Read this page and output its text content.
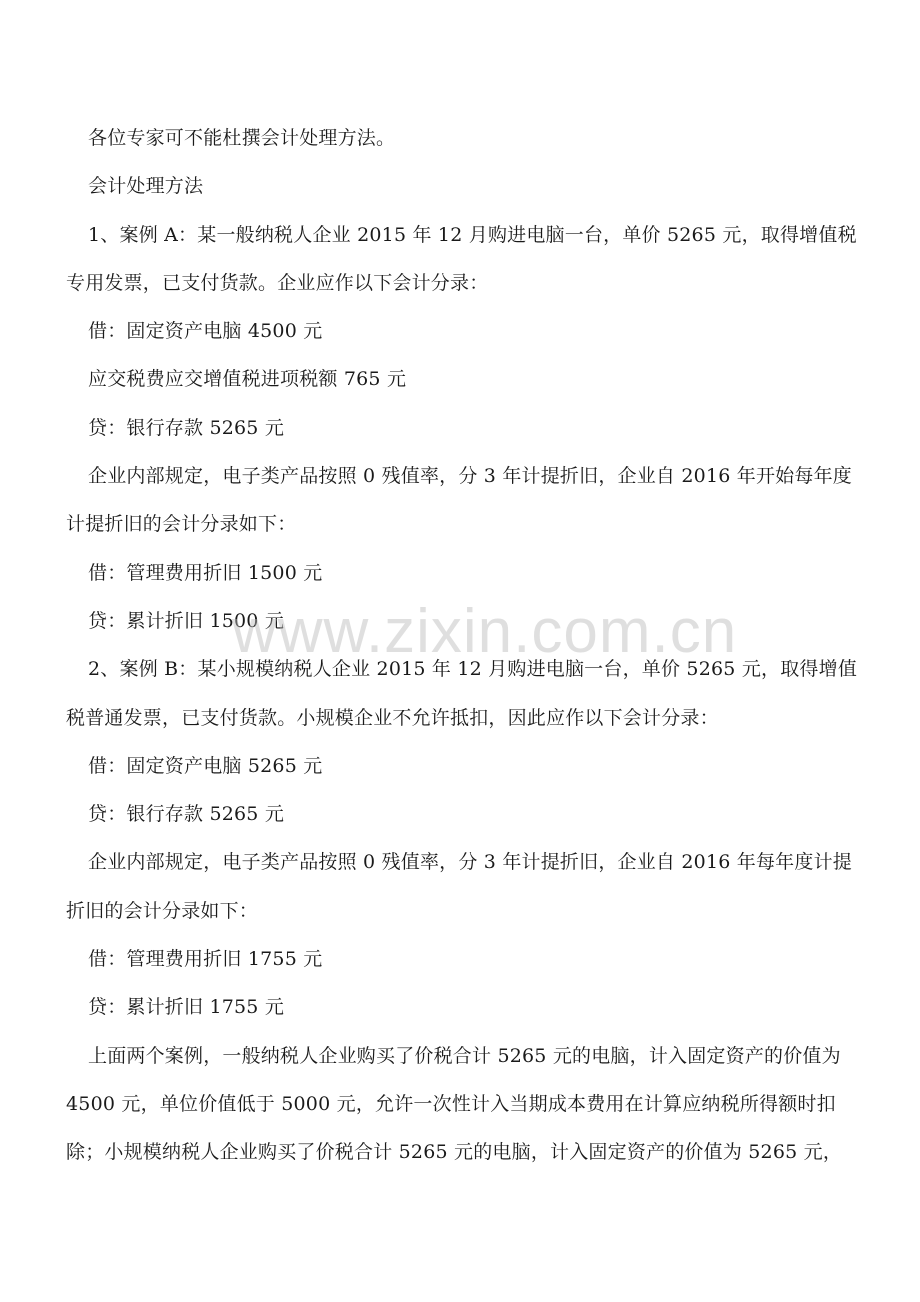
各位专家可不能杜撰会计处理方法。

会计处理方法

1、案例 A：某一般纳税人企业 2015 年 12 月购进电脑一台，单价 5265 元，取得增值税

专用发票，已支付货款。企业应作以下会计分录：

借：固定资产电脑 4500 元

应交税费应交增值税进项税额 765 元

贷：银行存款 5265 元

企业内部规定，电子类产品按照 0 残值率，分 3 年计提折旧，企业自 2016 年开始每年度

计提折旧的会计分录如下：

借：管理费用折旧 1500 元

贷：累计折旧 1500 元

2、案例 B：某小规模纳税人企业 2015 年 12 月购进电脑一台，单价 5265 元，取得增值

税普通发票，已支付货款。小规模企业不允许抵扣，因此应作以下会计分录：

借：固定资产电脑 5265 元

贷：银行存款 5265 元

企业内部规定，电子类产品按照 0 残值率，分 3 年计提折旧，企业自 2016 年每年度计提

折旧的会计分录如下：

借：管理费用折旧 1755 元

贷：累计折旧 1755 元

上面两个案例，一般纳税人企业购买了价税合计 5265 元的电脑，计入固定资产的价值为

4500 元，单位价值低于 5000 元，允许一次性计入当期成本费用在计算应纳税所得额时扣

除；小规模纳税人企业购买了价税合计 5265 元的电脑，计入固定资产的价值为 5265 元，

www.zixin.com.cn
